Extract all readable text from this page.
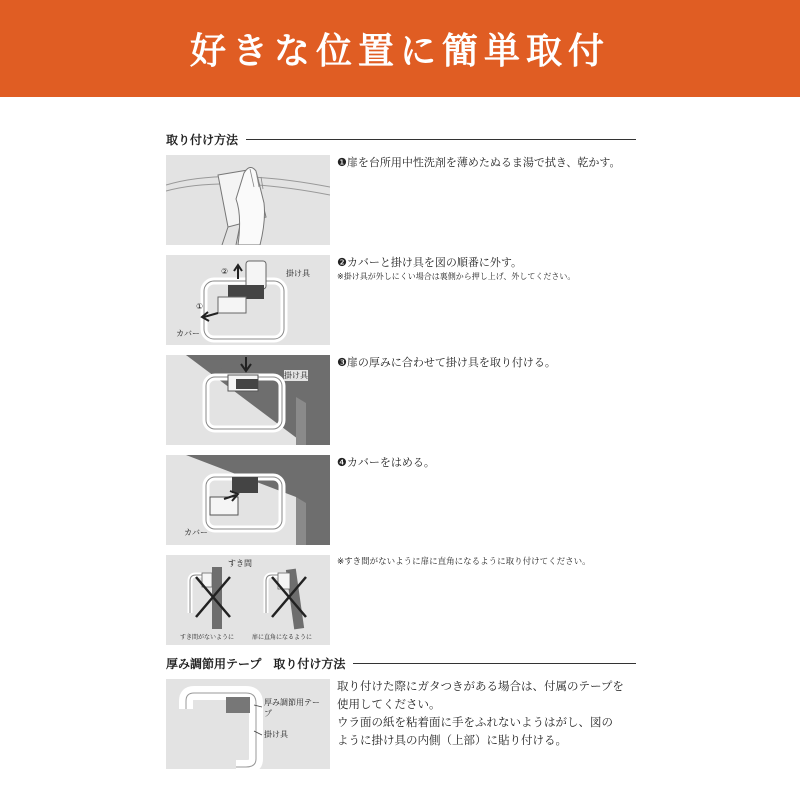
好きな位置に簡単取付
取り付け方法
❶扉を台所用中性洗剤を薄めたぬるま湯で拭き、乾かす。
②
①
掛け具
カバー
❷カバーと掛け具を図の順番に外す。
※掛け具が外しにくい場合は裏側から押し上げ、外してください。
掛け具
❸扉の厚みに合わせて掛け具を取り付ける。
カバー
❹カバーをはめる。
すき間
すき間がないように	扉に直角になるように
※すき間がないように扉に直角になるように取り付けてください。
厚み調節用テープ　取り付け方法
厚み調節用テープ
掛け具
取り付けた際にガタつきがある場合は、付属のテープを
使用してください。
ウラ面の紙を粘着面に手をふれないようはがし、図の
ように掛け具の内側（上部）に貼り付ける。
